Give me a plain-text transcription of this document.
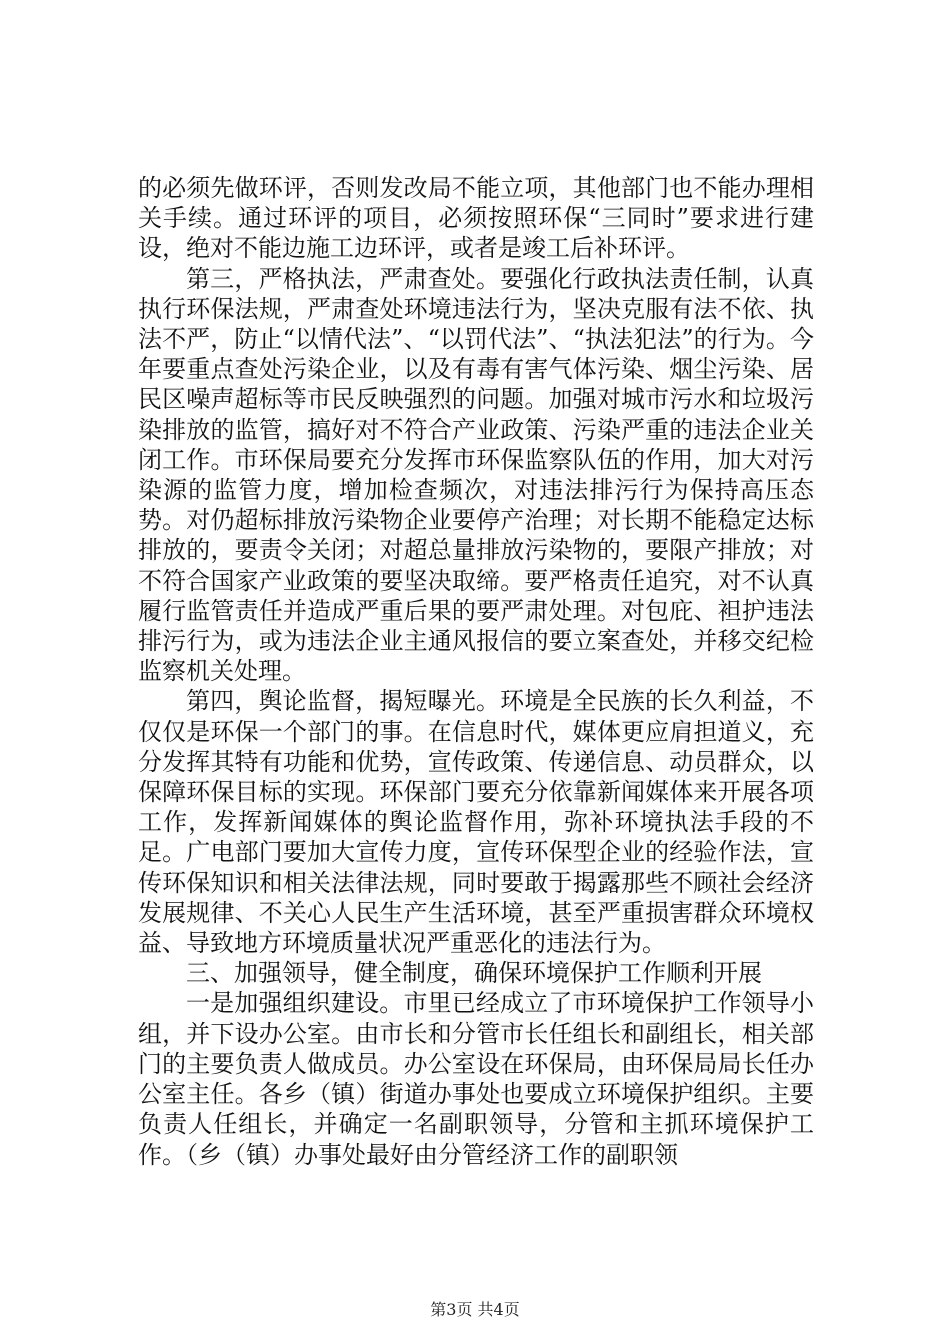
的必须先做环评，否则发改局不能立项，其他部门也不能办理相关手续。通过环评的项目，必须按照环保“三同时”要求进行建设，绝对不能边施工边环评，或者是竣工后补环评。

第三，严格执法，严肃查处。要强化行政执法责任制，认真执行环保法规，严肃查处环境违法行为，坚决克服有法不依、执法不严，防止“以情代法”、“以罚代法”、“执法犯法”的行为。今年要重点查处污染企业，以及有毒有害气体污染、烟尘污染、居民区噪声超标等市民反映强烈的问题。加强对城市污水和垃圾污染排放的监管，搞好对不符合产业政策、污染严重的违法企业关闭工作。市环保局要充分发挥市环保监察队伍的作用，加大对污染源的监管力度，增加检查频次，对违法排污行为保持高压态势。对仍超标排放污染物企业要停产治理；对长期不能稳定达标排放的，要责令关闭；对超总量排放污染物的，要限产排放；对不符合国家产业政策的要坚决取缔。要严格责任追究，对不认真履行监管责任并造成严重后果的要严肃处理。对包庇、袒护违法排污行为，或为违法企业主通风报信的要立案查处，并移交纪检监察机关处理。

第四，舆论监督，揭短曝光。环境是全民族的长久利益，不仅仅是环保一个部门的事。在信息时代，媒体更应肩担道义，充分发挥其特有功能和优势，宣传政策、传递信息、动员群众，以保障环保目标的实现。环保部门要充分依靠新闻媒体来开展各项工作，发挥新闻媒体的舆论监督作用，弥补环境执法手段的不足。广电部门要加大宣传力度，宣传环保型企业的经验作法，宣传环保知识和相关法律法规，同时要敢于揭露那些不顾社会经济发展规律、不关心人民生产生活环境，甚至严重损害群众环境权益、导致地方环境质量状况严重恶化的违法行为。

三、加强领导，健全制度，确保环境保护工作顺利开展

一是加强组织建设。市里已经成立了市环境保护工作领导小组，并下设办公室。由市长和分管市长任组长和副组长，相关部门的主要负责人做成员。办公室设在环保局，由环保局局长任办公室主任。各乡（镇）街道办事处也要成立环境保护组织。主要负责人任组长，并确定一名副职领导，分管和主抓环境保护工作。（乡（镇）办事处最好由分管经济工作的副职领

第3页 共4页
